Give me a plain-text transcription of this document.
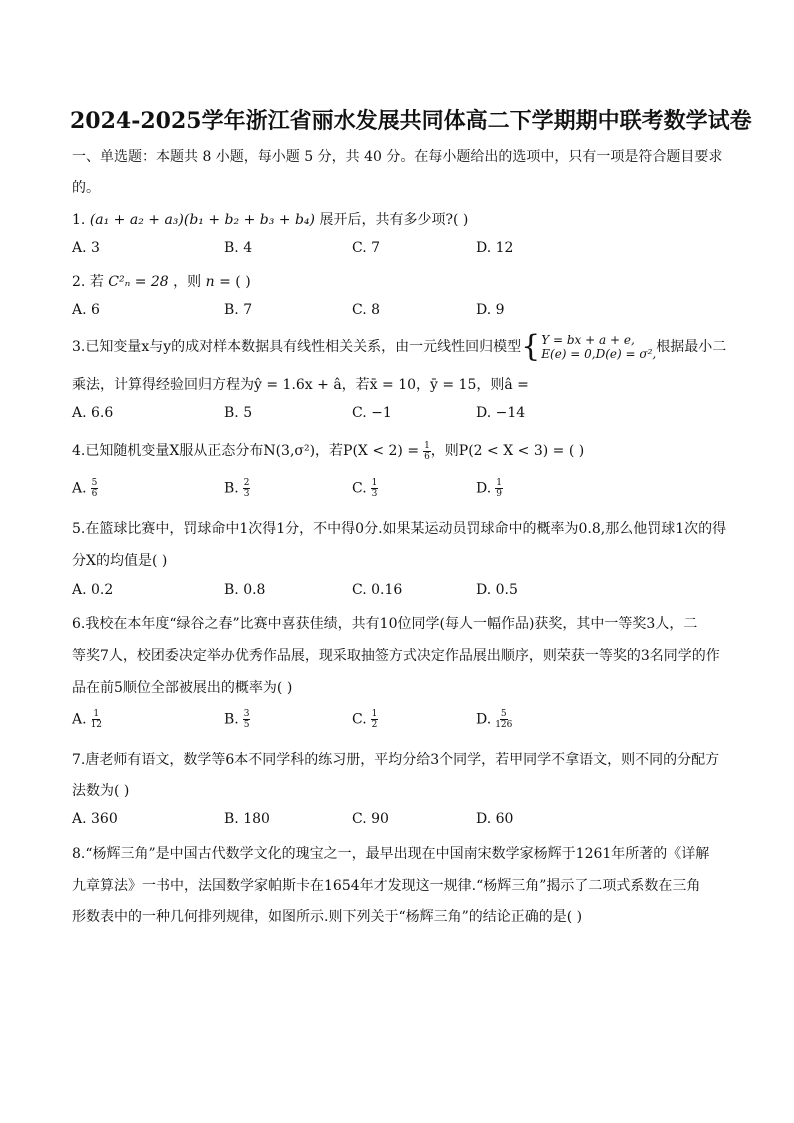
2024-2025学年浙江省丽水发展共同体高二下学期期中联考数学试卷
一、单选题：本题共 8 小题，每小题 5 分，共 40 分。在每小题给出的选项中，只有一项是符合题目要求
的。
1. (a₁ + a₂ + a₃)(b₁ + b₂ + b₃ + b₄) 展开后，共有多少项?( )
A. 3	B. 4	C. 7	D. 12
2. 若 C²ₙ = 28 ，则 n = ( )
A. 6	B. 7	C. 8	D. 9
3.已知变量x与y的成对样本数据具有线性相关关系，由一元线性回归模型 { Y = bx + a + e,
E(e) = 0,D(e) = σ², 根据最小二
乘法，计算得经验回归方程为ŷ = 1.6x + â，若x̄ = 10，ȳ = 15，则â =
A. 6.6	B. 5	C. −1	D. −14
4.已知随机变量X服从正态分布N(3,σ²)，若$P(X < 2) = \frac{1}{6}$ ，则P(2 < X < 3) = ( )
A. $\frac{5}{6}$	B. $\frac{2}{3}$	C. $\frac{1}{3}$	D. $\frac{1}{9}$
5.在篮球比赛中，罚球命中1次得1分，不中得0分.如果某运动员罚球命中的概率为0.8,那么他罚球1次的得
分X的均值是( )
A. 0.2	B. 0.8	C. 0.16	D. 0.5
6.我校在本年度“绿谷之春”比赛中喜获佳绩，共有10位同学(每人一幅作品)获奖，其中一等奖3人，二
等奖7人，校团委决定举办优秀作品展，现采取抽签方式决定作品展出顺序，则荣获一等奖的3名同学的作
品在前5顺位全部被展出的概率为( )
A. $\frac{1}{12}$	B. $\frac{3}{5}$	C. $\frac{1}{2}$	D. $\frac{5}{126}$
7.唐老师有语文，数学等6本不同学科的练习册，平均分给3个同学，若甲同学不拿语文，则不同的分配方
法数为( )
A. 360	B. 180	C. 90	D. 60
8.“杨辉三角”是中国古代数学文化的瑰宝之一，最早出现在中国南宋数学家杨辉于1261年所著的《详解
九章算法》一书中，法国数学家帕斯卡在1654年才发现这一规律.“杨辉三角”揭示了二项式系数在三角
形数表中的一种几何排列规律，如图所示.则下列关于“杨辉三角”的结论正确的是( )
